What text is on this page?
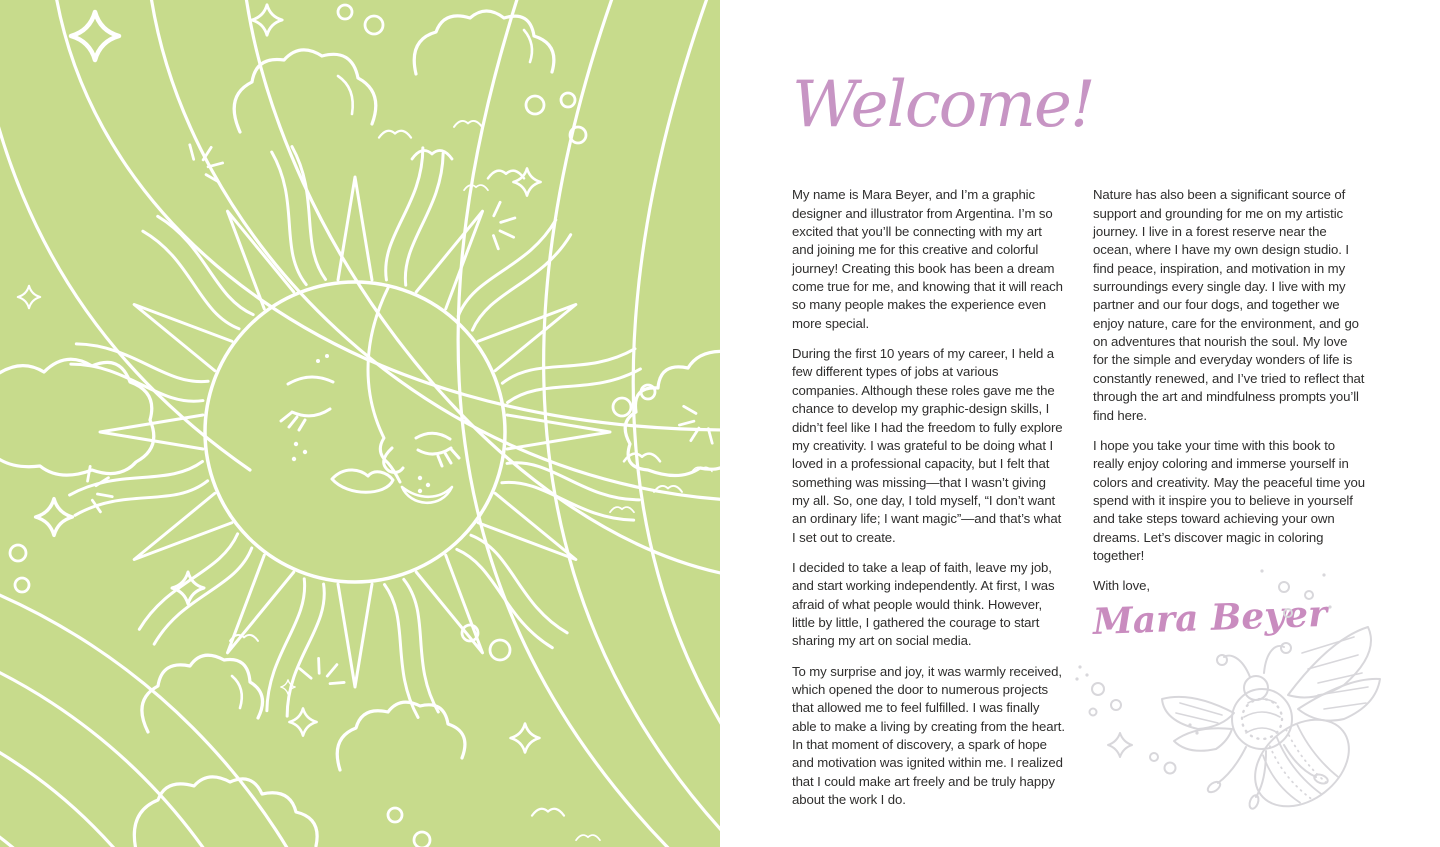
Welcome!

My name is Mara Beyer, and I’m a graphic designer and illustrator from Argentina. I’m so excited that you’ll be connecting with my art and joining me for this creative and colorful journey! Creating this book has been a dream come true for me, and knowing that it will reach so many people makes the experience even more special.

During the first 10 years of my career, I held a few different types of jobs at various companies. Although these roles gave me the chance to develop my graphic-design skills, I didn’t feel like I had the freedom to fully explore my creativity. I was grateful to be doing what I loved in a professional capacity, but I felt that something was missing—that I wasn’t giving my all. So, one day, I told myself, “I don’t want an ordinary life; I want magic”—and that’s what I set out to create.

I decided to take a leap of faith, leave my job, and start working independently. At first, I was afraid of what people would think. However, little by little, I gathered the courage to start sharing my art on social media.

To my surprise and joy, it was warmly received, which opened the door to numerous projects that allowed me to feel fulfilled. I was finally able to make a living by creating from the heart. In that moment of discovery, a spark of hope and motivation was ignited within me. I realized that I could make art freely and be truly happy about the work I do.

Nature has also been a significant source of support and grounding for me on my artistic journey. I live in a forest reserve near the ocean, where I have my own design studio. I find peace, inspiration, and motivation in my surroundings every single day. I live with my partner and our four dogs, and together we enjoy nature, care for the environment, and go on adventures that nourish the soul. My love for the simple and everyday wonders of life is constantly renewed, and I’ve tried to reflect that through the art and mindfulness prompts you’ll find here.

I hope you take your time with this book to really enjoy coloring and immerse yourself in colors and creativity. May the peaceful time you spend with it inspire you to believe in yourself and take steps toward achieving your own dreams. Let’s discover magic in coloring together!

With love,

Mara Beyer
